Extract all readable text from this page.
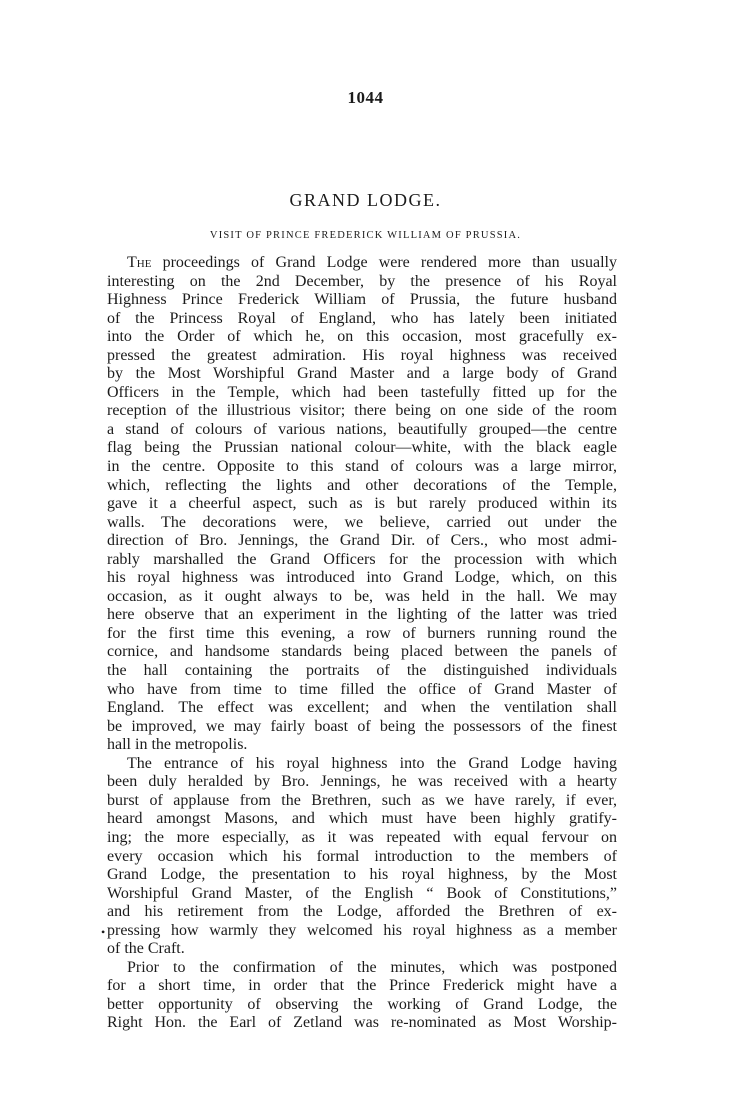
1044
GRAND LODGE.
VISIT OF PRINCE FREDERICK WILLIAM OF PRUSSIA.
The proceedings of Grand Lodge were rendered more than usually
interesting on the 2nd December, by the presence of his Royal
Highness Prince Frederick William of Prussia, the future husband
of the Princess Royal of England, who has lately been initiated
into the Order of which he, on this occasion, most gracefully ex-
pressed the greatest admiration. His royal highness was received
by the Most Worshipful Grand Master and a large body of Grand
Officers in the Temple, which had been tastefully fitted up for the
reception of the illustrious visitor; there being on one side of the room
a stand of colours of various nations, beautifully grouped—the centre
flag being the Prussian national colour—white, with the black eagle
in the centre. Opposite to this stand of colours was a large mirror,
which, reflecting the lights and other decorations of the Temple,
gave it a cheerful aspect, such as is but rarely produced within its
walls. The decorations were, we believe, carried out under the
direction of Bro. Jennings, the Grand Dir. of Cers., who most admi-
rably marshalled the Grand Officers for the procession with which
his royal highness was introduced into Grand Lodge, which, on this
occasion, as it ought always to be, was held in the hall. We may
here observe that an experiment in the lighting of the latter was tried
for the first time this evening, a row of burners running round the
cornice, and handsome standards being placed between the panels of
the hall containing the portraits of the distinguished individuals
who have from time to time filled the office of Grand Master of
England. The effect was excellent; and when the ventilation shall
be improved, we may fairly boast of being the possessors of the finest
hall in the metropolis.
The entrance of his royal highness into the Grand Lodge having
been duly heralded by Bro. Jennings, he was received with a hearty
burst of applause from the Brethren, such as we have rarely, if ever,
heard amongst Masons, and which must have been highly gratify-
ing; the more especially, as it was repeated with equal fervour on
every occasion which his formal introduction to the members of
Grand Lodge, the presentation to his royal highness, by the Most
Worshipful Grand Master, of the English “ Book of Constitutions,”
and his retirement from the Lodge, afforded the Brethren of ex-
pressing how warmly they welcomed his royal highness as a member
of the Craft.
Prior to the confirmation of the minutes, which was postponed
for a short time, in order that the Prince Frederick might have a
better opportunity of observing the working of Grand Lodge, the
Right Hon. the Earl of Zetland was re-nominated as Most Worship-
•
